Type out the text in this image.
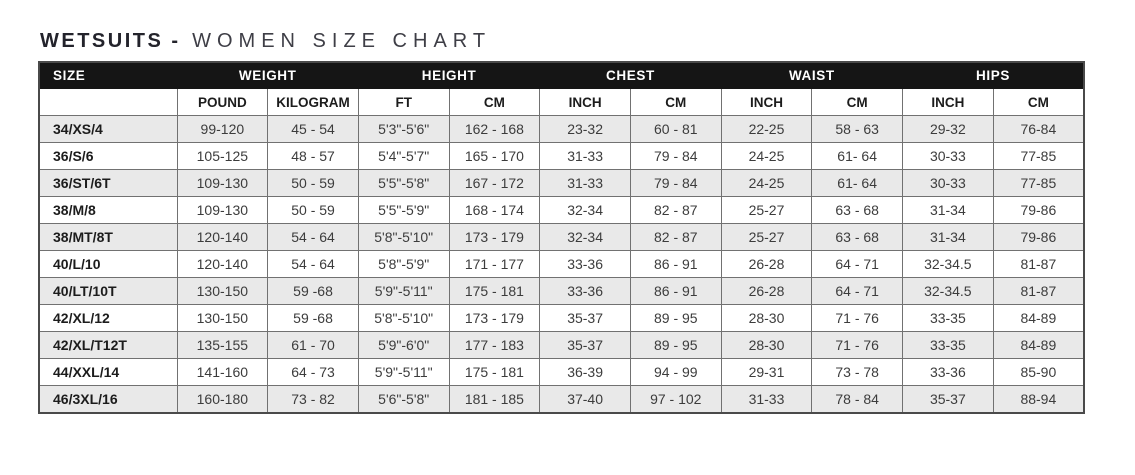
WETSUITS - WOMEN SIZE CHART
SIZE	WEIGHT		HEIGHT		CHEST		WAIST		HIPS	
	POUND	KILOGRAM	FT	CM	INCH	CM	INCH	CM	INCH	CM
34/XS/4	99-120	45 - 54	5'3"-5'6"	162 - 168	23-32	60 - 81	22-25	58 - 63	29-32	76-84
36/S/6	105-125	48 - 57	5'4"-5'7"	165 - 170	31-33	79 - 84	24-25	61- 64	30-33	77-85
36/ST/6T	109-130	50 - 59	5'5"-5'8"	167 - 172	31-33	79 - 84	24-25	61- 64	30-33	77-85
38/M/8	109-130	50 - 59	5'5"-5'9"	168 - 174	32-34	82 - 87	25-27	63 - 68	31-34	79-86
38/MT/8T	120-140	54 - 64	5'8"-5'10"	173 - 179	32-34	82 - 87	25-27	63 - 68	31-34	79-86
40/L/10	120-140	54 - 64	5'8"-5'9"	171 - 177	33-36	86 - 91	26-28	64 - 71	32-34.5	81-87
40/LT/10T	130-150	59 -68	5'9"-5'11"	175 - 181	33-36	86 - 91	26-28	64 - 71	32-34.5	81-87
42/XL/12	130-150	59 -68	5'8"-5'10"	173 - 179	35-37	89 - 95	28-30	71 - 76	33-35	84-89
42/XL/T12T	135-155	61 - 70	5'9"-6'0"	177 - 183	35-37	89 - 95	28-30	71 - 76	33-35	84-89
44/XXL/14	141-160	64 - 73	5'9"-5'11"	175 - 181	36-39	94 - 99	29-31	73 - 78	33-36	85-90
46/3XL/16	160-180	73 - 82	5'6"-5'8"	181 - 185	37-40	97 - 102	31-33	78 - 84	35-37	88-94
